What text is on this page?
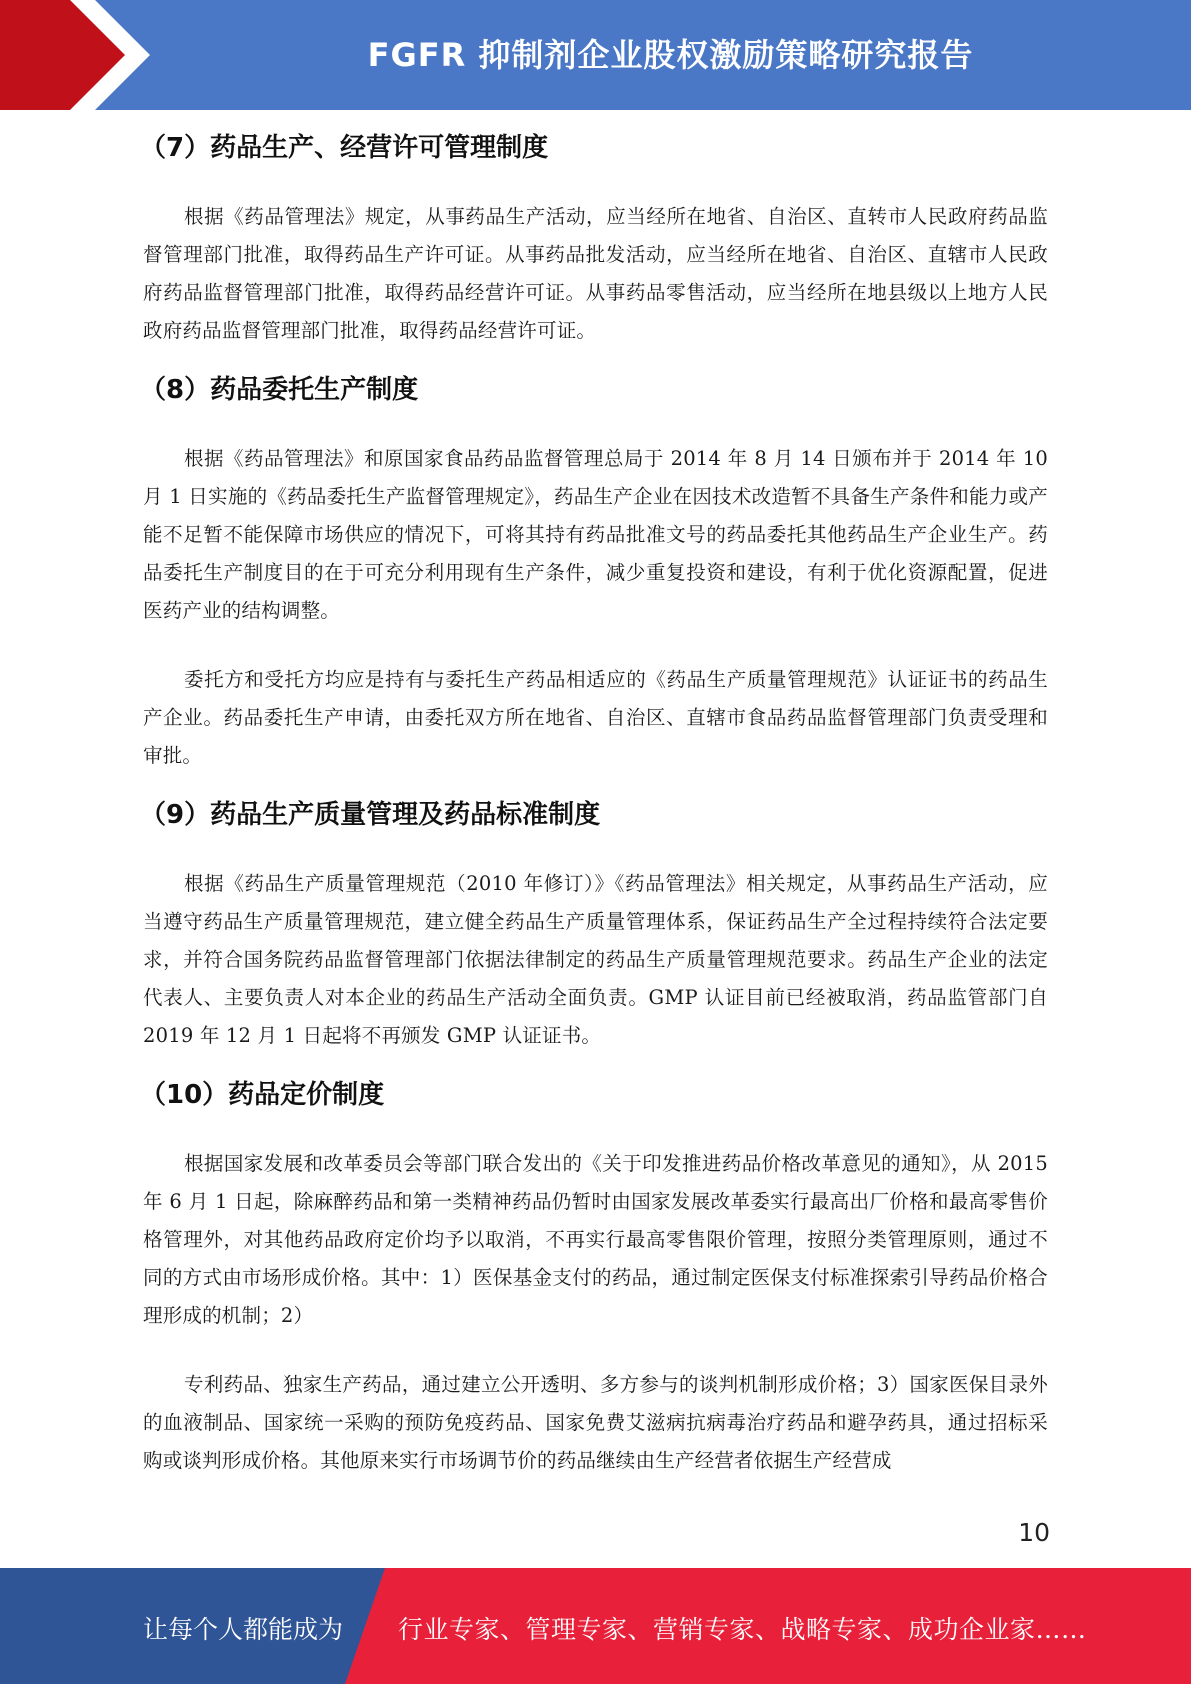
FGFR 抑制剂企业股权激励策略研究报告
（7）药品生产、经营许可管理制度

根据《药品管理法》规定，从事药品生产活动，应当经所在地省、自治区、直转市人民政府药品监督管理部门批准，取得药品生产许可证。从事药品批发活动，应当经所在地省、自治区、直辖市人民政府药品监督管理部门批准，取得药品经营许可证。从事药品零售活动，应当经所在地县级以上地方人民政府药品监督管理部门批准，取得药品经营许可证。

（8）药品委托生产制度

根据《药品管理法》和原国家食品药品监督管理总局于 2014 年 8 月 14 日颁布并于 2014 年 10 月 1 日实施的《药品委托生产监督管理规定》，药品生产企业在因技术改造暂不具备生产条件和能力或产能不足暂不能保障市场供应的情况下，可将其持有药品批准文号的药品委托其他药品生产企业生产。药品委托生产制度目的在于可充分利用现有生产条件，减少重复投资和建设，有利于优化资源配置，促进医药产业的结构调整。

委托方和受托方均应是持有与委托生产药品相适应的《药品生产质量管理规范》认证证书的药品生产企业。药品委托生产申请，由委托双方所在地省、自治区、直辖市食品药品监督管理部门负责受理和审批。

（9）药品生产质量管理及药品标准制度

根据《药品生产质量管理规范（2010 年修订）》《药品管理法》相关规定，从事药品生产活动，应当遵守药品生产质量管理规范，建立健全药品生产质量管理体系，保证药品生产全过程持续符合法定要求，并符合国务院药品监督管理部门依据法律制定的药品生产质量管理规范要求。药品生产企业的法定代表人、主要负责人对本企业的药品生产活动全面负责。GMP 认证目前已经被取消，药品监管部门自 2019 年 12 月 1 日起将不再颁发 GMP 认证证书。

（10）药品定价制度

根据国家发展和改革委员会等部门联合发出的《关于印发推进药品价格改革意见的通知》，从 2015 年 6 月 1 日起，除麻醉药品和第一类精神药品仍暂时由国家发展改革委实行最高出厂价格和最高零售价格管理外，对其他药品政府定价均予以取消，不再实行最高零售限价管理，按照分类管理原则，通过不同的方式由市场形成价格。其中：1）医保基金支付的药品，通过制定医保支付标准探索引导药品价格合理形成的机制；2）

专利药品、独家生产药品，通过建立公开透明、多方参与的谈判机制形成价格；3）国家医保目录外的血液制品、国家统一采购的预防免疫药品、国家免费艾滋病抗病毒治疗药品和避孕药具，通过招标采购或谈判形成价格。其他原来实行市场调节价的药品继续由生产经营者依据生产经营成

10
让每个人都能成为 行业专家、管理专家、营销专家、战略专家、成功企业家……
